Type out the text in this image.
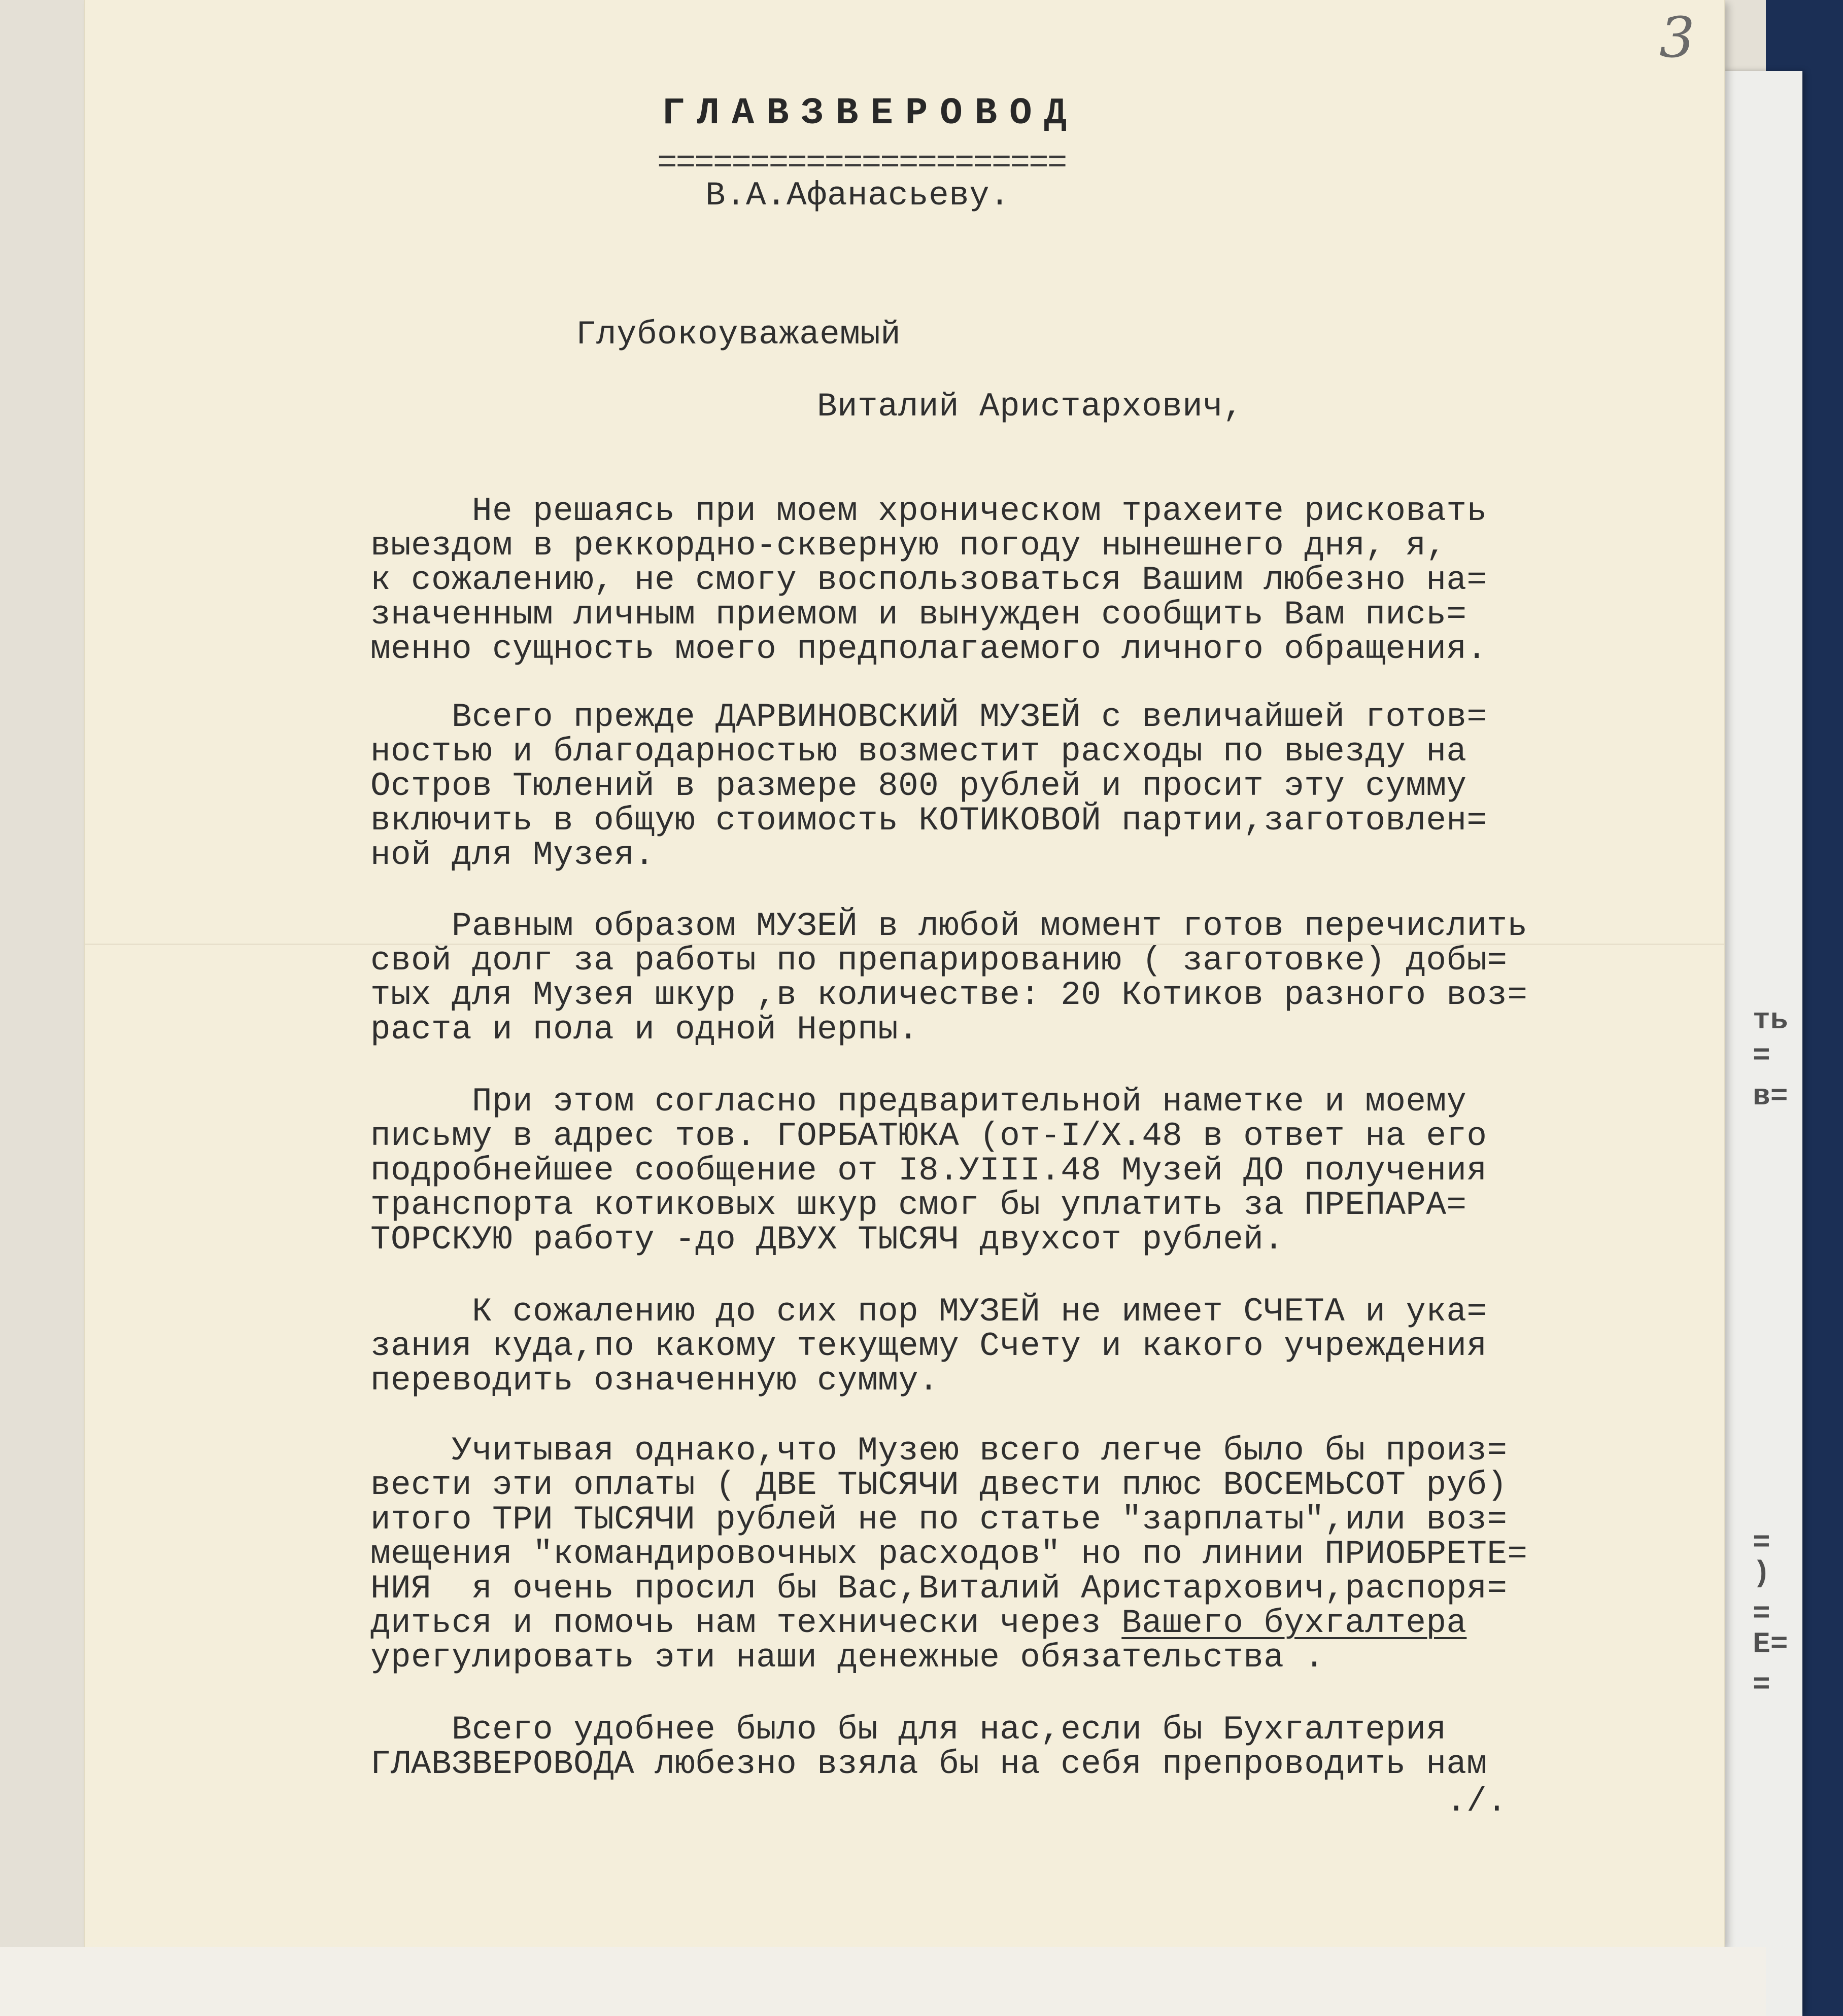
ть
=
в=
=
)
=
Е=
=
3
ГЛАВЗВЕРОВОД
======================
В.А.Афанасьеву.
Глубокоуважаемый
Виталий Аристархович,
Не решаясь при моем хроническом трахеите рисковать
выездом в реккордно-скверную погоду нынешнего дня, я,
к сожалению, не смогу воспользоваться Вашим любезно на=
значенным личным приемом и вынужден сообщить Вам пись=
менно сущность моего предполагаемого личного обращения.
Всего прежде ДАРВИНОВСКИЙ МУЗЕЙ с величайшей готов=
ностью и благодарностью возместит расходы по выезду на
Остров Тюлений в размере 800 рублей и просит эту сумму
включить в общую стоимость КОТИКОВОЙ партии,заготовлен=
ной для Музея.
Равным образом МУЗЕЙ в любой момент готов перечислить
свой долг за работы по препарированию ( заготовке) добы=
тых для Музея шкур ,в количестве: 20 Котиков разного воз=
раста и пола и одной Нерпы.
При этом согласно предварительной наметке и моему
письму в адрес тов. ГОРБАТЮКА (от-I/X.48 в ответ на его
подробнейшее сообщение от I8.УIII.48 Музей ДО получения
транспорта котиковых шкур смог бы уплатить за ПРЕПАРА=
ТОРСКУЮ работу -до ДВУХ ТЫСЯЧ двухсот рублей.
К сожалению до сих пор МУЗЕЙ не имеет СЧЕТА и ука=
зания куда,по какому текущему Счету и какого учреждения
переводить означенную сумму.
Учитывая однако,что Музею всего легче было бы произ=
вести эти оплаты ( ДВЕ ТЫСЯЧИ двести плюс ВОСЕМЬСОТ руб)
итого ТРИ ТЫСЯЧИ рублей не по статье "зарплаты",или воз=
мещения "командировочных расходов" но по линии ПРИОБРЕТЕ=
НИЯ  я очень просил бы Вас,Виталий Аристархович,распоря=
диться и помочь нам технически через Вашего бухгалтера
урегулировать эти наши денежные обязательства .
Всего удобнее было бы для нас,если бы Бухгалтерия
ГЛАВЗВЕРОВОДА любезно взяла бы на себя препроводить нам
./.
